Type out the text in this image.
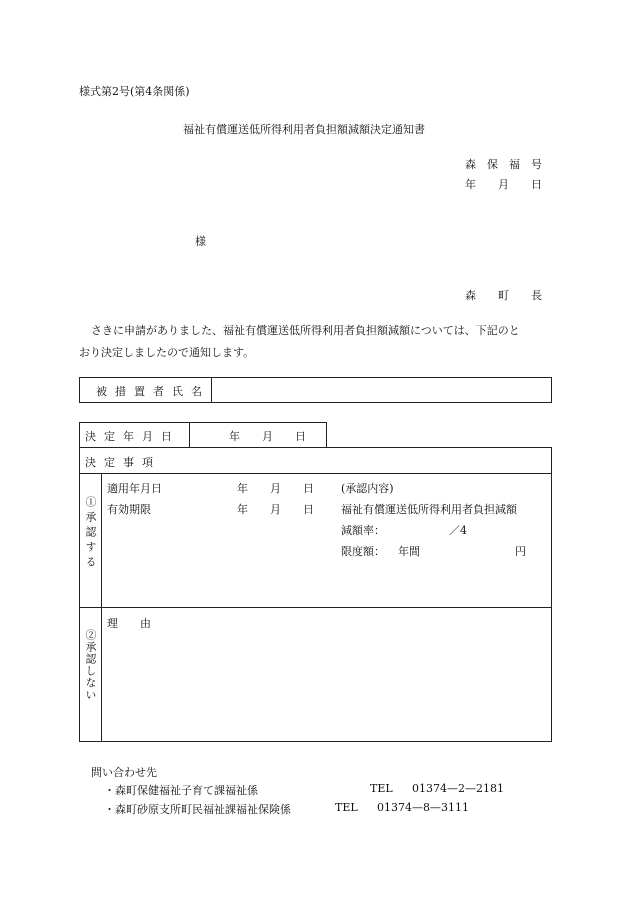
様式第2号(第4条関係)
福祉有償運送低所得利用者負担額減額決定通知書
森　保　福　号
年　　月　　日
様
森　　町　　長
さきに申請がありました、福祉有償運送低所得利用者負担額減額については、下記のと
おり決定しましたので通知します。
被措置者氏名
決定年月日	年　　月　　日
決定事項
①承認する
適用年月日	年　　月　　日
有効期限	年　　月　　日
(承認内容)
福祉有償運送低所得利用者負担減額
減額率：	／4
限度額： 年間	円
②承認しない
理　　由
問い合わせ先
・森町保健福祉子育て課福祉係	TEL 01374—2—2181
・森町砂原支所町民福祉課福祉保険係	TEL 01374—8—3111
